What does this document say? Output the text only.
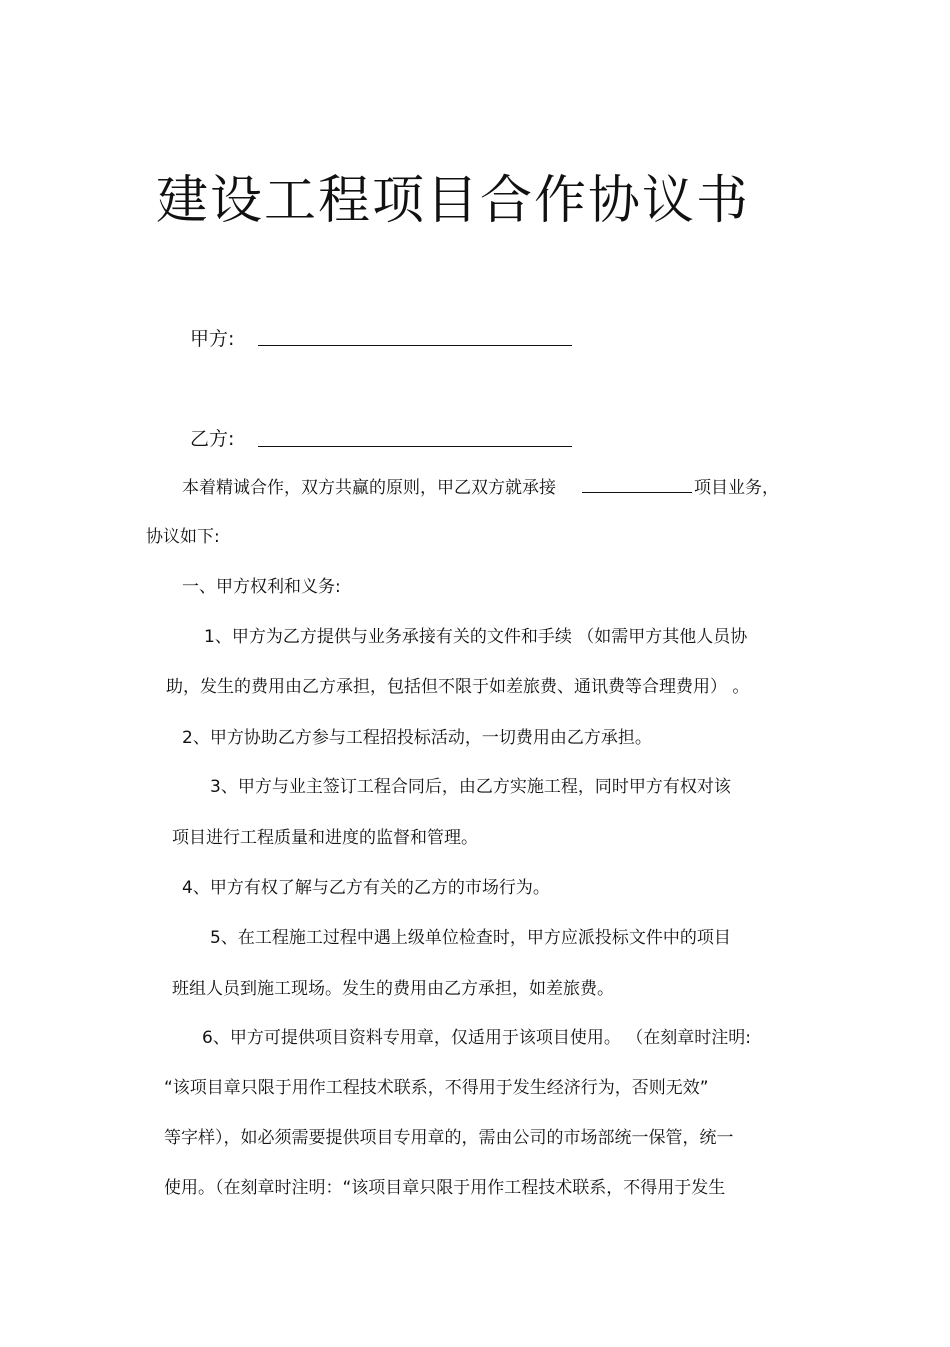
建设工程项目合作协议书
甲方:
乙方:
本着精诚合作，双方共赢的原则，甲乙双方就承接	项目业务，
协议如下:
一、甲方权利和义务:
1、甲方为乙方提供与业务承接有关的文件和手续 （如需甲方其他人员协
助，发生的费用由乙方承担，包括但不限于如差旅费、通讯费等合理费用） 。
2、甲方协助乙方参与工程招投标活动，一切费用由乙方承担。
3、甲方与业主签订工程合同后，由乙方实施工程，同时甲方有权对该
项目进行工程质量和进度的监督和管理。
4、甲方有权了解与乙方有关的乙方的市场行为。
5、在工程施工过程中遇上级单位检查时，甲方应派投标文件中的项目
班组人员到施工现场。发生的费用由乙方承担，如差旅费。
6、甲方可提供项目资料专用章，仅适用于该项目使用。 （在刻章时注明:
“该项目章只限于用作工程技术联系，不得用于发生经济行为，否则无效”
等字样），如必须需要提供项目专用章的，需由公司的市场部统一保管，统一
使用。（在刻章时注明：“该项目章只限于用作工程技术联系，不得用于发生
